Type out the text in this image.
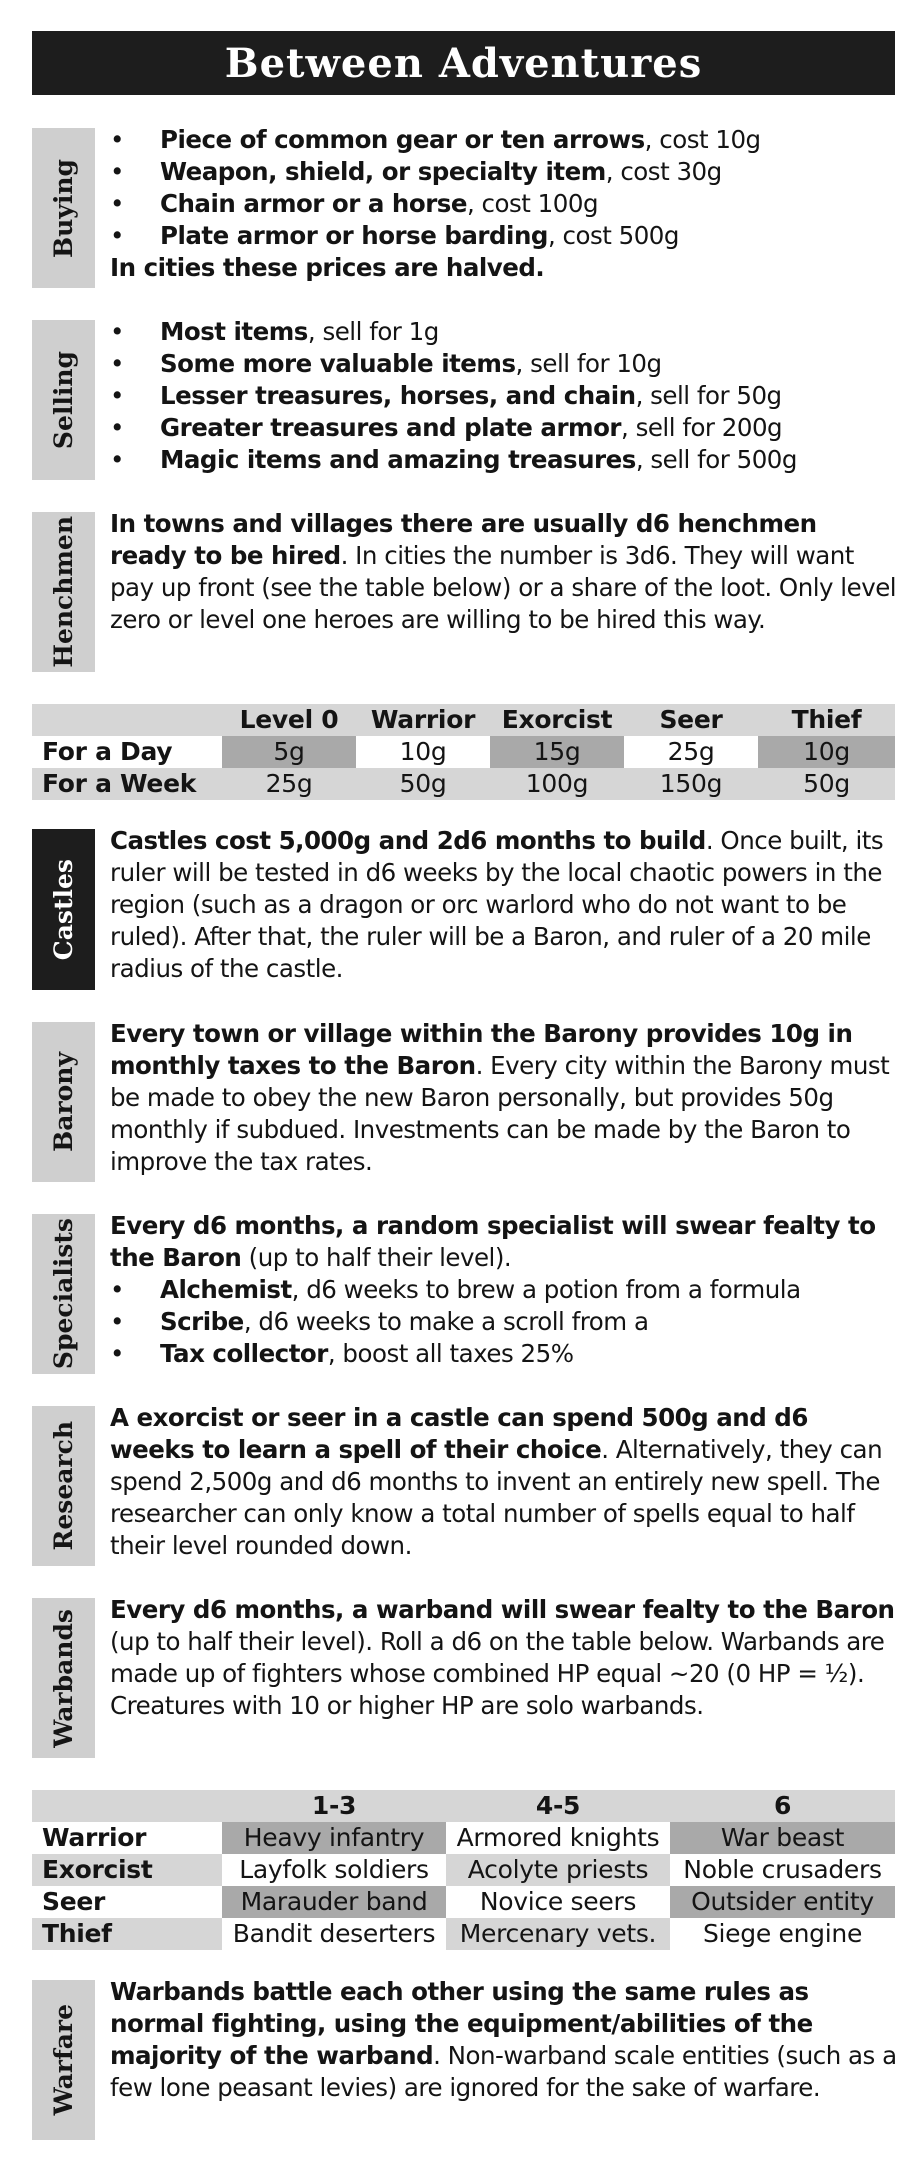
Between Adventures
Buying
• Piece of common gear or ten arrows, cost 10g
• Weapon, shield, or specialty item, cost 30g
• Chain armor or a horse, cost 100g
• Plate armor or horse barding, cost 500g

In cities these prices are halved.

Selling
• Most items, sell for 1g
• Some more valuable items, sell for 10g
• Lesser treasures, horses, and chain, sell for 50g
• Greater treasures and plate armor, sell for 200g
• Magic items and amazing treasures, sell for 500g
Henchmen In towns and villages there are usually d6 henchmen ready to be hired. In cities the number is 3d6. They will want pay up front (see the table below) or a share of the loot. Only level zero or level one heroes are willing to be hired this way.

	Level 0	Warrior	Exorcist	Seer	Thief
For a Day	5g	10g	15g	25g	10g
For a Week	25g	50g	100g	150g	50g
Castles

Castles cost 5,000g and 2d6 months to build. Once built, its ruler will be tested in d6 weeks by the local chaotic powers in the region (such as a dragon or orc warlord who do not want to be ruled). After that, the ruler will be a Baron, and ruler of a 20 mile radius of the castle.

Barony

Every town or village within the Barony provides 10g in monthly taxes to the Baron. Every city within the Barony must be made to obey the new Baron personally, but provides 50g monthly if subdued. Investments can be made by the Baron to improve the tax rates.

Specialists Every d6 months, a random specialist will swear fealty to the Baron (up to half their level).

• Alchemist, d6 weeks to brew a potion from a formula
• Scribe, d6 weeks to make a scroll from a
• Tax collector, boost all taxes 25%
Research

A exorcist or seer in a castle can spend 500g and d6 weeks to learn a spell of their choice. Alternatively, they can spend 2,500g and d6 months to invent an entirely new spell. The researcher can only know a total number of spells equal to half their level rounded down.

Warbands Every d6 months, a warband will swear fealty to the Baron (up to half their level). Roll a d6 on the table below. Warbands are made up of fighters whose combined HP equal ~20 (0 HP = ½). Creatures with 10 or higher HP are solo warbands.

	1-3	4-5	6
Warrior	Heavy infantry	Armored knights	War beast
Exorcist	Layfolk soldiers	Acolyte priests	Noble crusaders
Seer	Marauder band	Novice seers	Outsider entity
Thief	Bandit deserters	Mercenary vets.	Siege engine
Warfare

Warbands battle each other using the same rules as normal fighting, using the equipment/abilities of the majority of the warband. Non-warband scale entities (such as a few lone peasant levies) are ignored for the sake of warfare.
